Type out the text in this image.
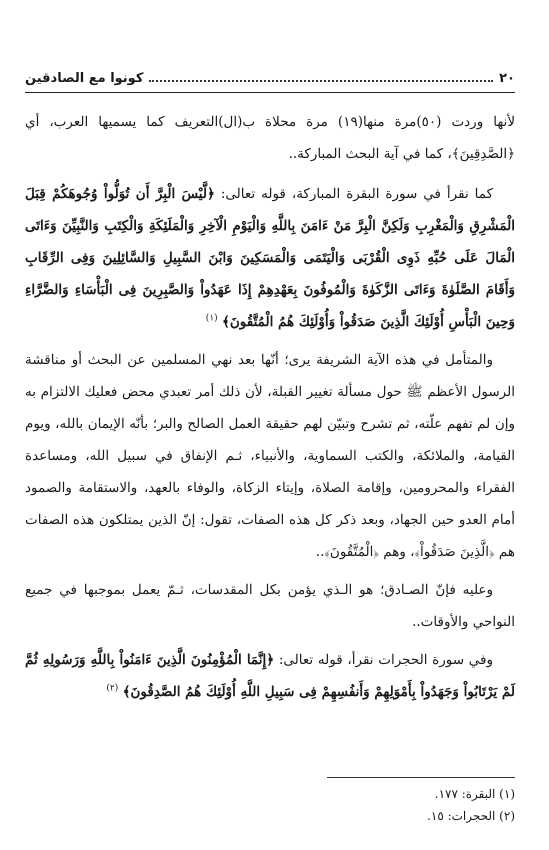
٢٠
كونوا مع الصادقين

لأنها وردت (٥٠)مرة منها(١٩) مرة محلاة ب(ال)التعريف كما يسميها العرب، أي ﴿الصَّدِقِينَ﴾، كما في آية البحث المباركة..

كما نقرأ في سورة البقرة المباركة، قوله تعالى: ﴿لَّيْسَ الْبِرَّ أَن تُوَلُّواْ وُجُوهَكُمْ قِبَلَ الْمَشْرِقِ وَالْمَغْرِبِ وَلَكِنَّ الْبِرَّ مَنْ ءَامَنَ بِاللَّهِ وَالْيَوْمِ الْآخِرِ وَالْمَلَئِكَةِ وَالْكِتَبِ وَالنَّبِيِّنَ وَءَاتَى الْمَالَ عَلَى حُبِّهِ ذَوِى الْقُرْبَى وَالْيَتَمَى وَالْمَسَكِينَ وَابْنَ السَّبِيلِ وَالسَّائِلِينَ وَفِى الرِّقَابِ وَأَقَامَ الصَّلَوٰةَ وَءَاتَى الزَّكَوٰةَ وَالْمُوفُونَ بِعَهْدِهِمْ إِذَا عَهَدُواْ وَالصَّبِرِينَ فِى الْبَأْسَاءِ وَالضَّرَّاءِ وَحِينَ الْبَأْسِ أُوْلَئِكَ الَّذِينَ صَدَقُواْ وَأُوْلَئِكَ هُمُ الْمُتَّقُونَ﴾ $^{(١)}$

والمتأمل في هذه الآية الشريفة يرى؛ أنّها بعد نهي المسلمين عن البحث أو مناقشة الرسول الأعظم ﷺ حول مسألة تغيير القبلة، لأن ذلك أمر تعبدي محض فعليك الالتزام به وإن لم تفهم علّته، ثم تشرح وتبيّن لهم حقيقة العمل الصالح والبر؛ بأنّه الإيمان بالله، ويوم القيامة، والملائكة، والكتب السماوية، والأنبياء، ثـم الإنفاق في سبيل الله، ومساعدة الفقراء والمحرومين، وإقامة الصلاة، وإيتاء الزكاة، والوفاء بالعهد، والاستقامة والصمود أمام العدو حين الجهاد، وبعد ذكر كل هذه الصفات، تقول: إنّ الذين يمتلكون هذه الصفات هم ﴿الَّذِينَ صَدَقُواْ﴾، وهم ﴿الْمُتَّقُونَ﴾..

وعليه فإنّ الصـادق؛ هو الـذي يؤمن بكل المقدسات، ثـمّ يعمل بموجبها في جميع النواحي والأوقات..

وفي سورة الحجرات نقرأ، قوله تعالى: ﴿إِنَّمَا الْمُؤْمِنُونَ الَّذِينَ ءَامَنُواْ بِاللَّهِ وَرَسُولِهِ ثُمَّ لَمْ يَرْتَابُواْ وَجَهَدُواْ بِأَمْوَلِهِمْ وَأَنفُسِهِمْ فِى سَبِيلِ اللَّهِ أُوْلَئِكَ هُمُ الصَّدِقُونَ﴾ $^{(٢)}$

(١) البقرة: ١٧٧.
(٢) الحجرات: ١٥.
